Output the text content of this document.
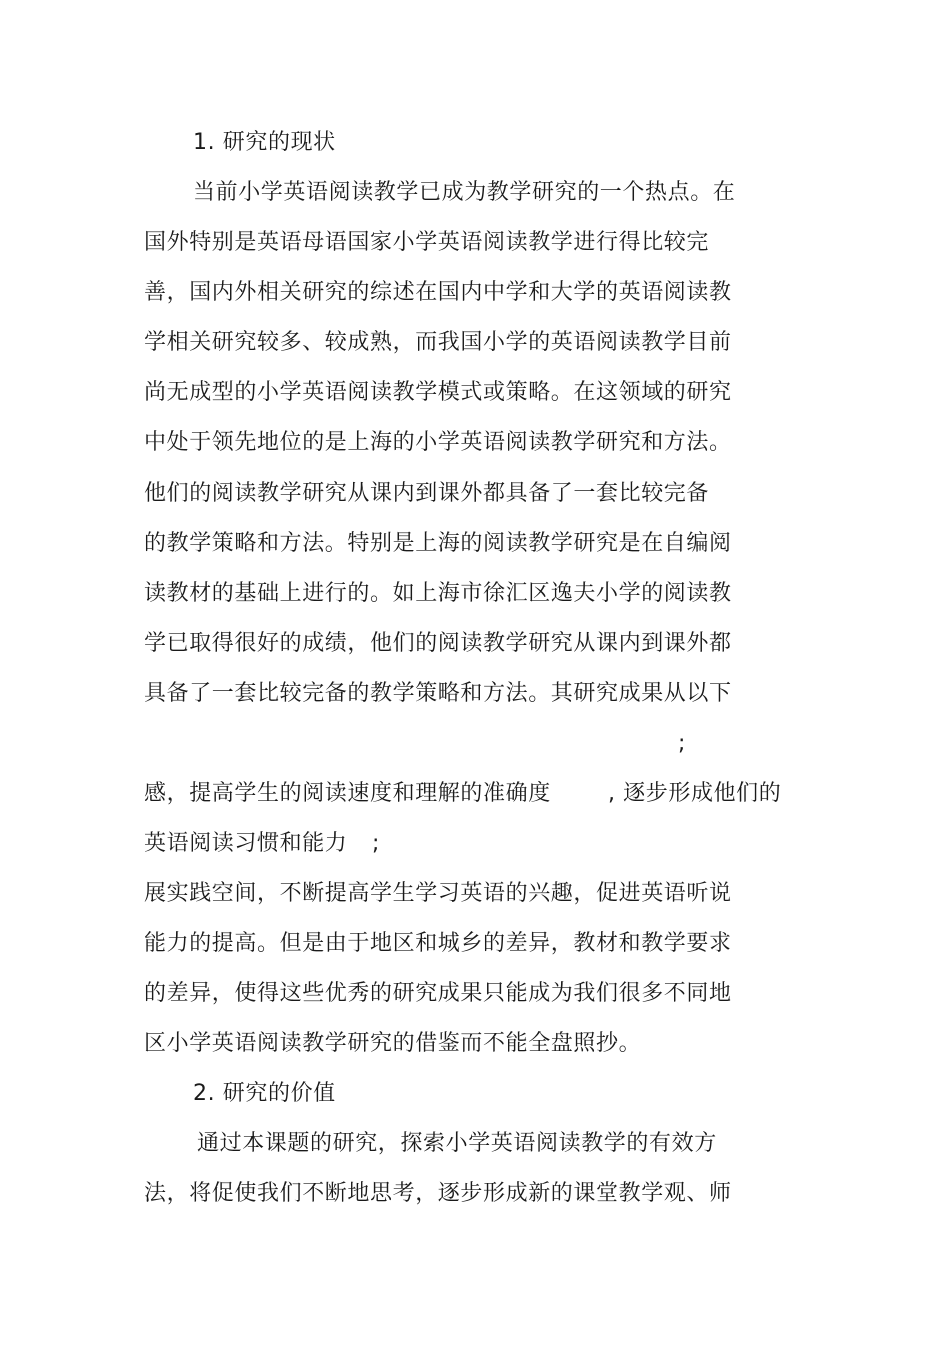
1. 研究的现状
当前小学英语阅读教学已成为教学研究的一个热点。在
国外特别是英语母语国家小学英语阅读教学进行得比较完
善，国内外相关研究的综述在国内中学和大学的英语阅读教
学相关研究较多、较成熟，而我国小学的英语阅读教学目前
尚无成型的小学英语阅读教学模式或策略。在这领域的研究
中处于领先地位的是上海的小学英语阅读教学研究和方法。
他们的阅读教学研究从课内到课外都具备了一套比较完备
的教学策略和方法。特别是上海的阅读教学研究是在自编阅
读教材的基础上进行的。如上海市徐汇区逸夫小学的阅读教
学已取得很好的成绩，他们的阅读教学研究从课内到课外都
具备了一套比较完备的教学策略和方法。其研究成果从以下
;
感，提高学生的阅读速度和理解的准确度	, 逐步形成他们的
英语阅读习惯和能力 ;
展实践空间，不断提高学生学习英语的兴趣，促进英语听说
能力的提高。但是由于地区和城乡的差异，教材和教学要求
的差异，使得这些优秀的研究成果只能成为我们很多不同地
区小学英语阅读教学研究的借鉴而不能全盘照抄。
2. 研究的价值
通过本课题的研究，探索小学英语阅读教学的有效方
法，将促使我们不断地思考，逐步形成新的课堂教学观、师
